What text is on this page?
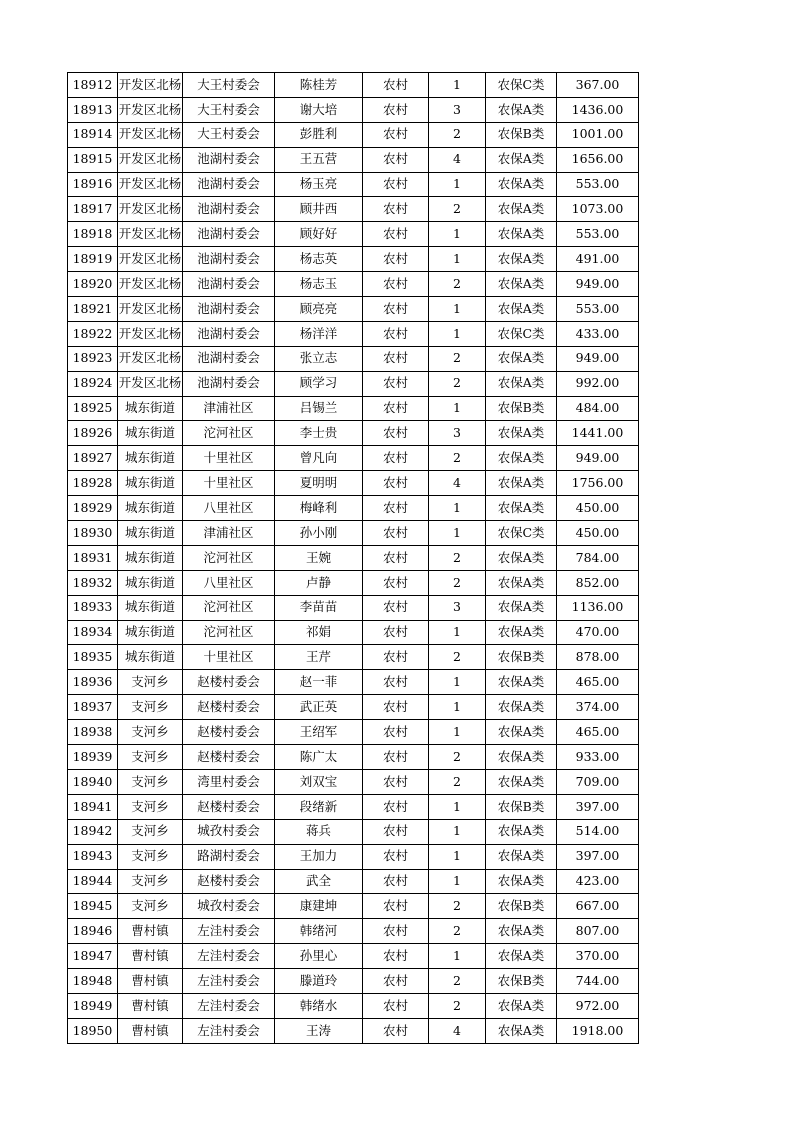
18912	开发区北杨	大王村委会	陈桂芳	农村	1	农保C类	367.00
18913	开发区北杨	大王村委会	谢大培	农村	3	农保A类	1436.00
18914	开发区北杨	大王村委会	彭胜利	农村	2	农保B类	1001.00
18915	开发区北杨	池湖村委会	王五营	农村	4	农保A类	1656.00
18916	开发区北杨	池湖村委会	杨玉亮	农村	1	农保A类	553.00
18917	开发区北杨	池湖村委会	顾井西	农村	2	农保A类	1073.00
18918	开发区北杨	池湖村委会	顾好好	农村	1	农保A类	553.00
18919	开发区北杨	池湖村委会	杨志英	农村	1	农保A类	491.00
18920	开发区北杨	池湖村委会	杨志玉	农村	2	农保A类	949.00
18921	开发区北杨	池湖村委会	顾亮亮	农村	1	农保A类	553.00
18922	开发区北杨	池湖村委会	杨洋洋	农村	1	农保C类	433.00
18923	开发区北杨	池湖村委会	张立志	农村	2	农保A类	949.00
18924	开发区北杨	池湖村委会	顾学习	农村	2	农保A类	992.00
18925	城东街道	津浦社区	吕锡兰	农村	1	农保B类	484.00
18926	城东街道	沱河社区	李士贵	农村	3	农保A类	1441.00
18927	城东街道	十里社区	曾凡向	农村	2	农保A类	949.00
18928	城东街道	十里社区	夏明明	农村	4	农保A类	1756.00
18929	城东街道	八里社区	梅峰利	农村	1	农保A类	450.00
18930	城东街道	津浦社区	孙小刚	农村	1	农保C类	450.00
18931	城东街道	沱河社区	王婉	农村	2	农保A类	784.00
18932	城东街道	八里社区	卢静	农村	2	农保A类	852.00
18933	城东街道	沱河社区	李苗苗	农村	3	农保A类	1136.00
18934	城东街道	沱河社区	祁娟	农村	1	农保A类	470.00
18935	城东街道	十里社区	王芹	农村	2	农保B类	878.00
18936	支河乡	赵楼村委会	赵一菲	农村	1	农保A类	465.00
18937	支河乡	赵楼村委会	武正英	农村	1	农保A类	374.00
18938	支河乡	赵楼村委会	王绍军	农村	1	农保A类	465.00
18939	支河乡	赵楼村委会	陈广太	农村	2	农保A类	933.00
18940	支河乡	湾里村委会	刘双宝	农村	2	农保A类	709.00
18941	支河乡	赵楼村委会	段绪新	农村	1	农保B类	397.00
18942	支河乡	城孜村委会	蒋兵	农村	1	农保A类	514.00
18943	支河乡	路湖村委会	王加力	农村	1	农保A类	397.00
18944	支河乡	赵楼村委会	武全	农村	1	农保A类	423.00
18945	支河乡	城孜村委会	康建坤	农村	2	农保B类	667.00
18946	曹村镇	左洼村委会	韩绪河	农村	2	农保A类	807.00
18947	曹村镇	左洼村委会	孙里心	农村	1	农保A类	370.00
18948	曹村镇	左洼村委会	滕道玲	农村	2	农保B类	744.00
18949	曹村镇	左洼村委会	韩绪水	农村	2	农保A类	972.00
18950	曹村镇	左洼村委会	王涛	农村	4	农保A类	1918.00
